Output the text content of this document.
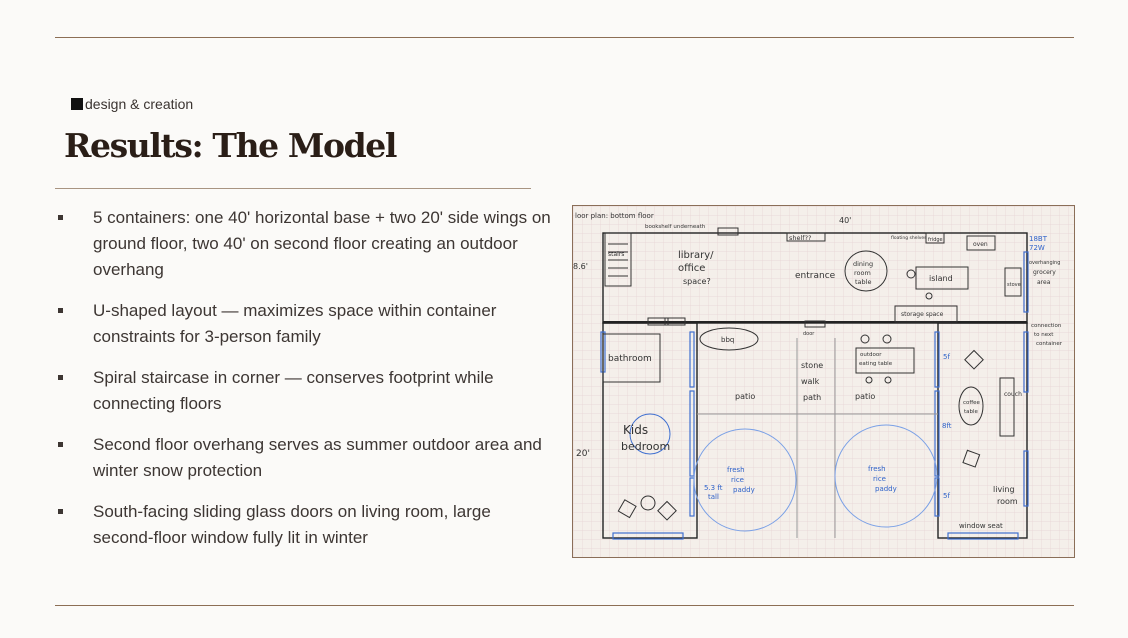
design & creation
Results: The Model
5 containers: one 40' horizontal base + two 20' side wings on ground floor, two 40' on second floor creating an outdoor overhang
U-shaped layout — maximizes space within container constraints for 3-person family
Spiral staircase in corner — conserves footprint while connecting floors
Second floor overhang serves as summer outdoor area and winter snow protection
South-facing sliding glass doors on living room, large second-floor window fully lit in winter
loor plan: bottom floor	40'
8.6'
20'
bookshelf underneath
shelf??	floating shelves fridge
oven
stairs	library/
office
space?
entrance
dining
room
table	island
stove
storage space
18BT
72W
overhanging
grocery
area
connection
to next
container
door
bbq
bathroom
stone
walk
path
patio	patio
outdoor
eating table
coffee
table
couch
Kids
bedroom
5.3 ft
tall
fresh
rice
paddy
fresh
rice
paddy
5f
8ft
5f
living
room
window seat
